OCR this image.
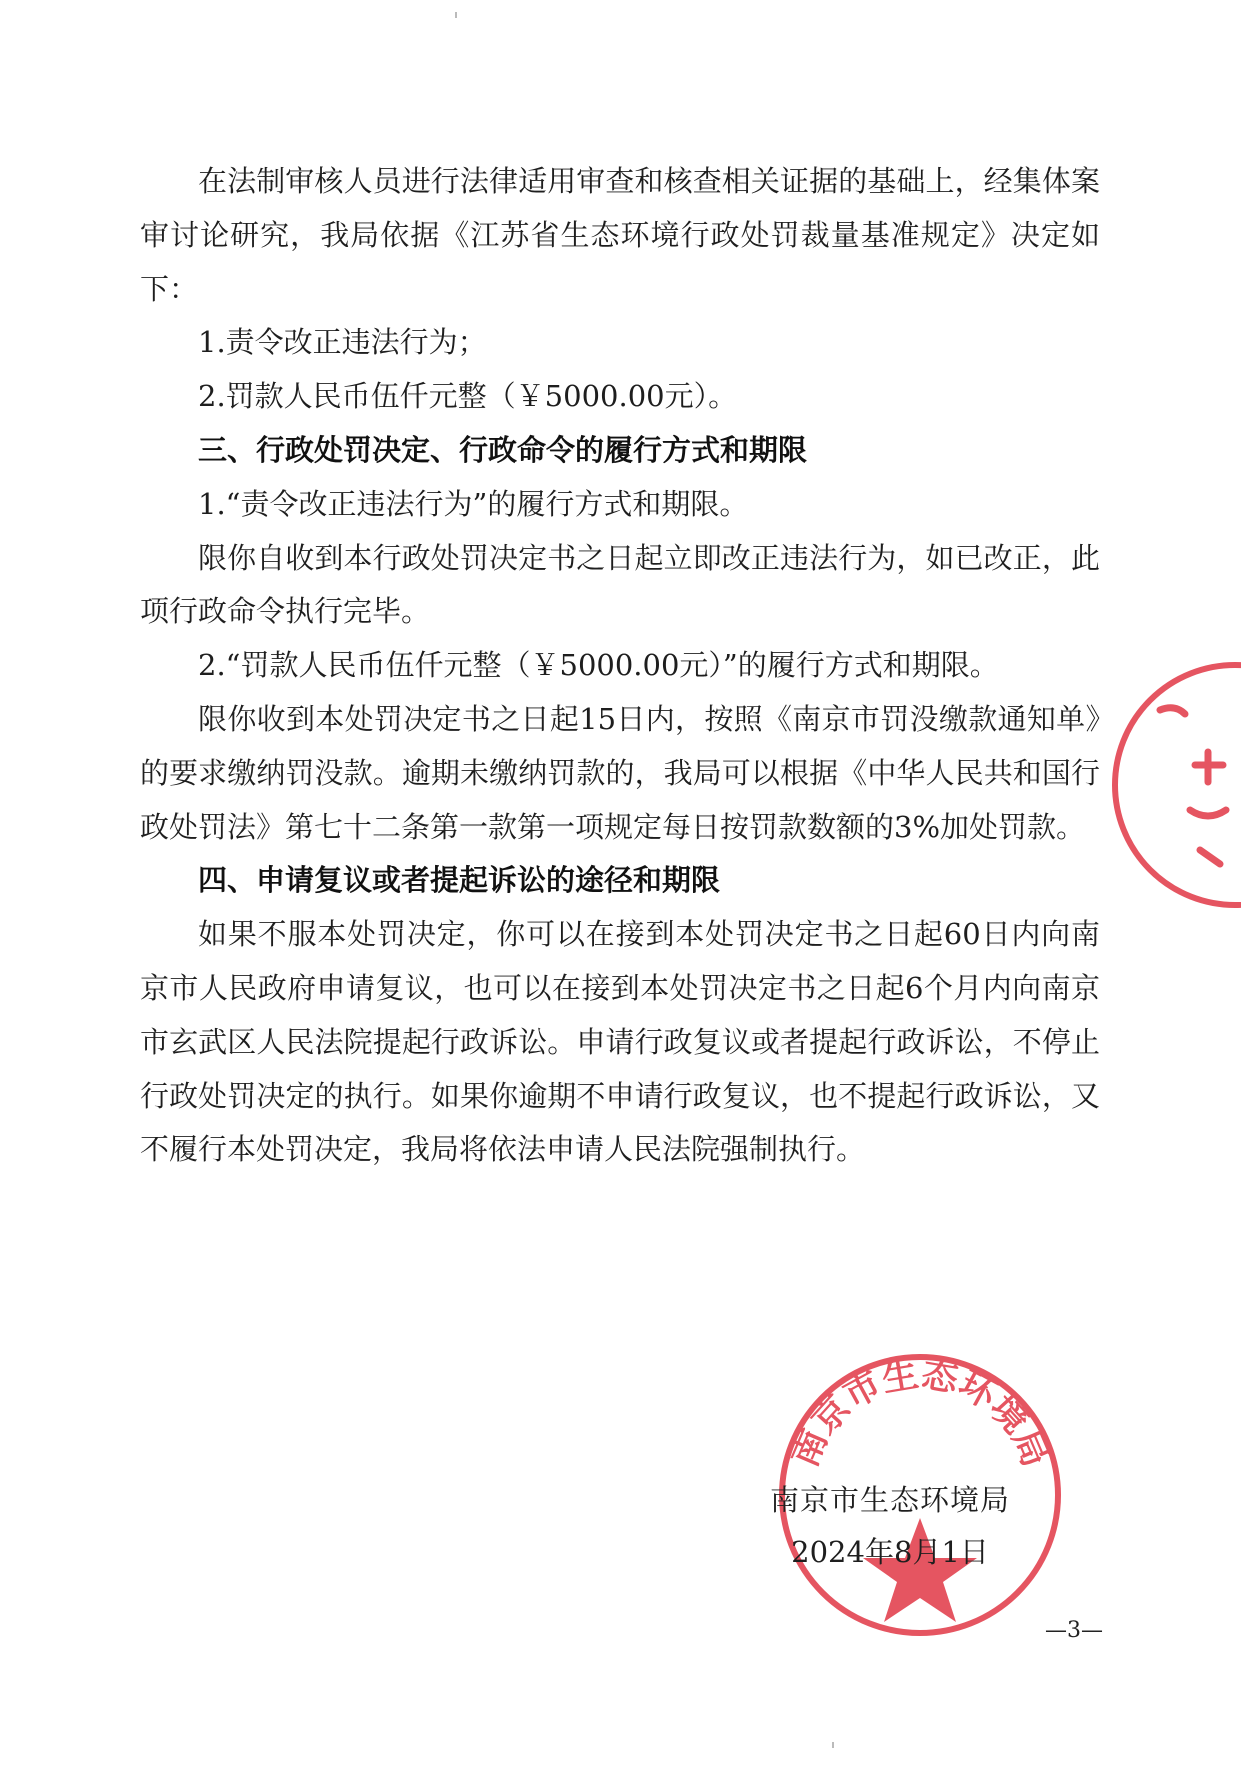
在法制审核人员进行法律适用审查和核查相关证据的基础上，经集体案审讨论研究，我局依据《江苏省生态环境行政处罚裁量基准规定》决定如下：

1.责令改正违法行为；

2.罚款人民币伍仟元整（￥5000.00元）。

三、行政处罚决定、行政命令的履行方式和期限

1.“责令改正违法行为”的履行方式和期限。

限你自收到本行政处罚决定书之日起立即改正违法行为，如已改正，此项行政命令执行完毕。

2.“罚款人民币伍仟元整（￥5000.00元）”的履行方式和期限。

限你收到本处罚决定书之日起15日内，按照《南京市罚没缴款通知单》的要求缴纳罚没款。逾期未缴纳罚款的，我局可以根据《中华人民共和国行政处罚法》第七十二条第一款第一项规定每日按罚款数额的3%加处罚款。

四、申请复议或者提起诉讼的途径和期限

如果不服本处罚决定，你可以在接到本处罚决定书之日起60日内向南京市人民政府申请复议，也可以在接到本处罚决定书之日起6个月内向南京市玄武区人民法院提起行政诉讼。申请行政复议或者提起行政诉讼，不停止行政处罚决定的执行。如果你逾期不申请行政复议，也不提起行政诉讼，又不履行本处罚决定，我局将依法申请人民法院强制执行。

南京市生态环境局
南京市生态环境局
2024年8月1日
—3—
